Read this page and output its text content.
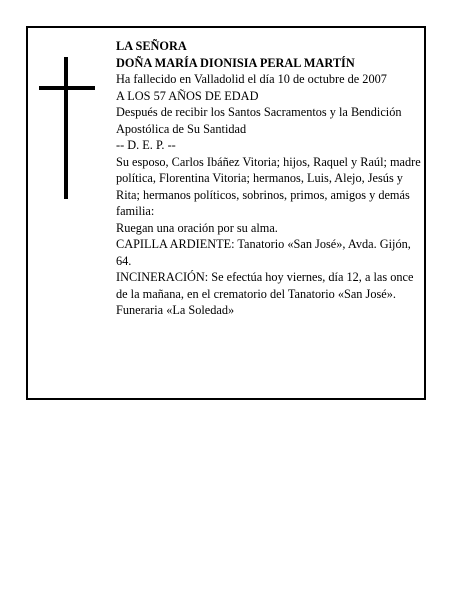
LA SEÑORA

DOÑA MARÍA DIONISIA PERAL MARTÍN

Ha fallecido en Valladolid el día 10 de octubre de 2007

A LOS 57 AÑOS DE EDAD

Después de recibir los Santos Sacramentos y la Bendición Apostólica de Su Santidad

-- D. E. P. --

Su esposo, Carlos Ibáñez Vitoria; hijos, Raquel y Raúl; madre política, Florentina Vitoria; hermanos, Luis, Alejo, Jesús y Rita; hermanos políticos, sobrinos, primos, amigos y demás familia:

Ruegan una oración por su alma.

CAPILLA ARDIENTE: Tanatorio «San José», Avda. Gijón, 64.

INCINERACIÓN: Se efectúa hoy viernes, día 12, a las once de la mañana, en el crematorio del Tanatorio «San José».

Funeraria «La Soledad»
